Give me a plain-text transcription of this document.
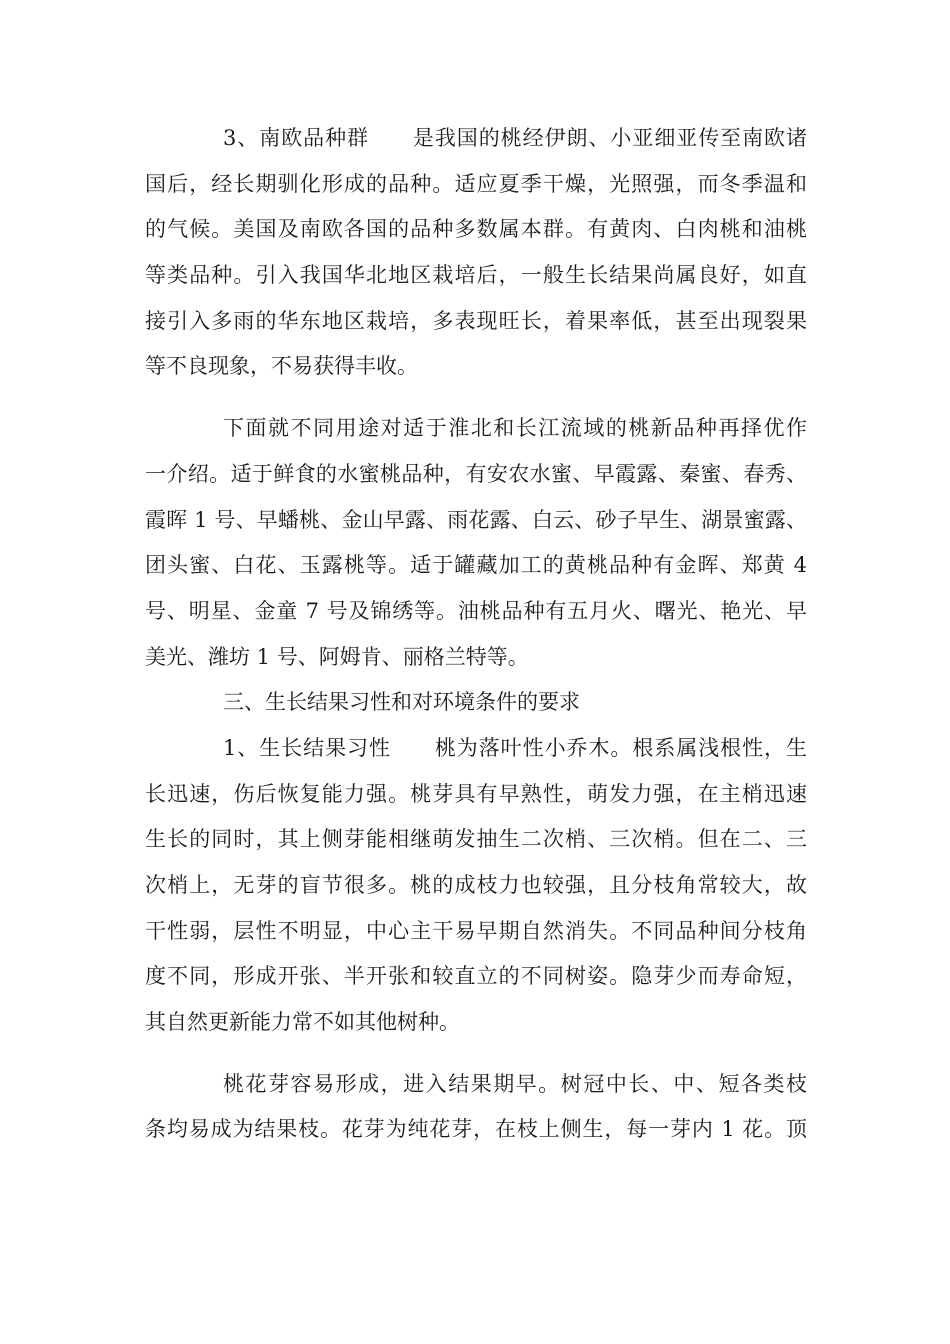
3、南欧品种群　　是我国的桃经伊朗、小亚细亚传至南欧诸
国后，经长期驯化形成的品种。适应夏季干燥，光照强，而冬季温和
的气候。美国及南欧各国的品种多数属本群。有黄肉、白肉桃和油桃
等类品种。引入我国华北地区栽培后，一般生长结果尚属良好，如直
接引入多雨的华东地区栽培，多表现旺长，着果率低，甚至出现裂果
等不良现象，不易获得丰收。
下面就不同用途对适于淮北和长江流域的桃新品种再择优作
一介绍。适于鲜食的水蜜桃品种，有安农水蜜、早霞露、秦蜜、春秀、
霞晖 1 号、早蟠桃、金山早露、雨花露、白云、砂子早生、湖景蜜露、
团头蜜、白花、玉露桃等。适于罐藏加工的黄桃品种有金晖、郑黄 4
号、明星、金童 7 号及锦绣等。油桃品种有五月火、曙光、艳光、早
美光、潍坊 1 号、阿姆肯、丽格兰特等。
三、生长结果习性和对环境条件的要求
1、生长结果习性　　桃为落叶性小乔木。根系属浅根性，生
长迅速，伤后恢复能力强。桃芽具有早熟性，萌发力强，在主梢迅速
生长的同时，其上侧芽能相继萌发抽生二次梢、三次梢。但在二、三
次梢上，无芽的盲节很多。桃的成枝力也较强，且分枝角常较大，故
干性弱，层性不明显，中心主干易早期自然消失。不同品种间分枝角
度不同，形成开张、半开张和较直立的不同树姿。隐芽少而寿命短，
其自然更新能力常不如其他树种。
桃花芽容易形成，进入结果期早。树冠中长、中、短各类枝
条均易成为结果枝。花芽为纯花芽，在枝上侧生，每一芽内 1 花。顶
